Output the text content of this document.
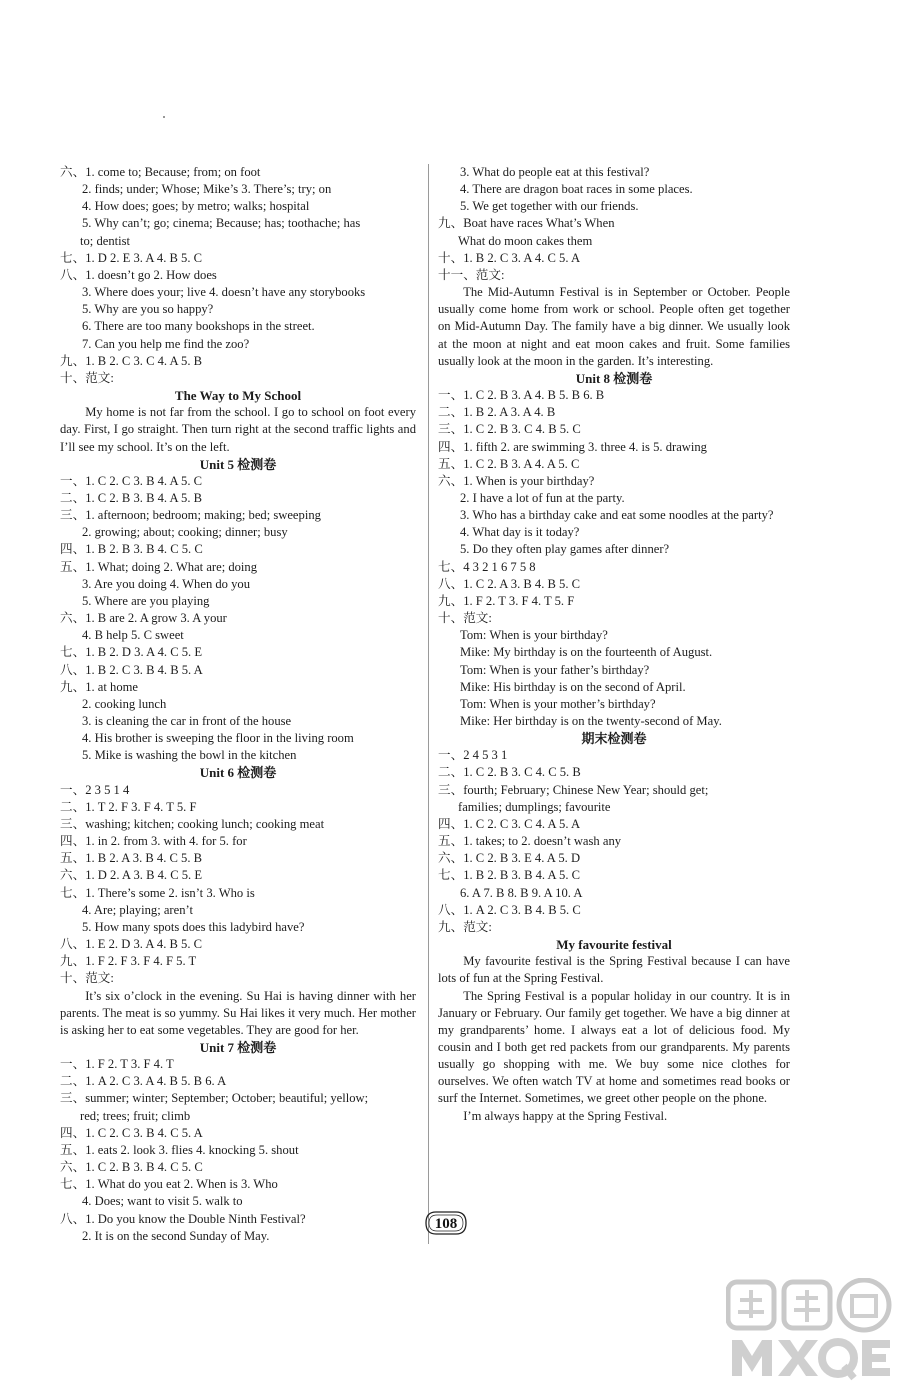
六、1. come to; Because; from; on foot
2. finds; under; Whose; Mike’s 3. There’s; try; on
4. How does; goes; by metro; walks; hospital
5. Why can’t; go; cinema; Because; has; toothache; has
to; dentist
七、1. D 2. E 3. A 4. B 5. C
八、1. doesn’t go 2. How does
3. Where does your; live 4. doesn’t have any storybooks
5. Why are you so happy?
6. There are too many bookshops in the street.
7. Can you help me find the zoo?
九、1. B 2. C 3. C 4. A 5. B
十、范文:
The Way to My School
My home is not far from the school. I go to school on foot every day. First, I go straight. Then turn right at the second traffic lights and I’ll see my school. It’s on the left.
Unit 5 检测卷
一、1. C 2. C 3. B 4. A 5. C
二、1. C 2. B 3. B 4. A 5. B
三、1. afternoon; bedroom; making; bed; sweeping
2. growing; about; cooking; dinner; busy
四、1. B 2. B 3. B 4. C 5. C
五、1. What; doing 2. What are; doing
3. Are you doing 4. When do you
5. Where are you playing
六、1. B are 2. A grow 3. A your
4. B help 5. C sweet
七、1. B 2. D 3. A 4. C 5. E
八、1. B 2. C 3. B 4. B 5. A
九、1. at home
2. cooking lunch
3. is cleaning the car in front of the house
4. His brother is sweeping the floor in the living room
5. Mike is washing the bowl in the kitchen
Unit 6 检测卷
一、2 3 5 1 4
二、1. T 2. F 3. F 4. T 5. F
三、washing; kitchen; cooking lunch; cooking meat
四、1. in 2. from 3. with 4. for 5. for
五、1. B 2. A 3. B 4. C 5. B
六、1. D 2. A 3. B 4. C 5. E
七、1. There’s some 2. isn’t 3. Who is
4. Are; playing; aren’t
5. How many spots does this ladybird have?
八、1. E 2. D 3. A 4. B 5. C
九、1. F 2. F 3. F 4. F 5. T
十、范文:
It’s six o’clock in the evening. Su Hai is having dinner with her parents. The meat is so yummy. Su Hai likes it very much. Her mother is asking her to eat some vegetables. They are good for her.
Unit 7 检测卷
一、1. F 2. T 3. F 4. T
二、1. A 2. C 3. A 4. B 5. B 6. A
三、summer; winter; September; October; beautiful; yellow;
red; trees; fruit; climb
四、1. C 2. C 3. B 4. C 5. A
五、1. eats 2. look 3. flies 4. knocking 5. shout
六、1. C 2. B 3. B 4. C 5. C
七、1. What do you eat 2. When is 3. Who
4. Does; want to visit 5. walk to
八、1. Do you know the Double Ninth Festival?
2. It is on the second Sunday of May.
3. What do people eat at this festival?
4. There are dragon boat races in some places.
5. We get together with our friends.
九、Boat have races What’s When
What do moon cakes them
十、1. B 2. C 3. A 4. C 5. A
十一、范文:
The Mid-Autumn Festival is in September or October. People usually come home from work or school. People often get together on Mid-Autumn Day. The family have a big dinner. We usually look at the moon at night and eat moon cakes and fruit. Some families usually look at the moon in the garden. It’s interesting.
Unit 8 检测卷
一、1. C 2. B 3. A 4. B 5. B 6. B
二、1. B 2. A 3. A 4. B
三、1. C 2. B 3. C 4. B 5. C
四、1. fifth 2. are swimming 3. three 4. is 5. drawing
五、1. C 2. B 3. A 4. A 5. C
六、1. When is your birthday?
2. I have a lot of fun at the party.
3. Who has a birthday cake and eat some noodles at the party?
4. What day is it today?
5. Do they often play games after dinner?
七、4 3 2 1 6 7 5 8
八、1. C 2. A 3. B 4. B 5. C
九、1. F 2. T 3. F 4. T 5. F
十、范文:
Tom: When is your birthday?
Mike: My birthday is on the fourteenth of August.
Tom: When is your father’s birthday?
Mike: His birthday is on the second of April.
Tom: When is your mother’s birthday?
Mike: Her birthday is on the twenty-second of May.
期末检测卷
一、2 4 5 3 1
二、1. C 2. B 3. C 4. C 5. B
三、fourth; February; Chinese New Year; should get;
families; dumplings; favourite
四、1. C 2. C 3. C 4. A 5. A
五、1. takes; to 2. doesn’t wash any
六、1. C 2. B 3. E 4. A 5. D
七、1. B 2. B 3. B 4. A 5. C
6. A 7. B 8. B 9. A 10. A
八、1. A 2. C 3. B 4. B 5. C
九、范文:
My favourite festival
My favourite festival is the Spring Festival because I can have lots of fun at the Spring Festival.
The Spring Festival is a popular holiday in our country. It is in January or February. Our family get together. We have a big dinner at my grandparents’ home. I always eat a lot of delicious food. My cousin and I both get red packets from our grandparents. My parents usually go shopping with me. We buy some nice clothes for ourselves. We often watch TV at home and sometimes read books or surf the Internet. Sometimes, we greet other people on the phone.
I’m always happy at the Spring Festival.
108
